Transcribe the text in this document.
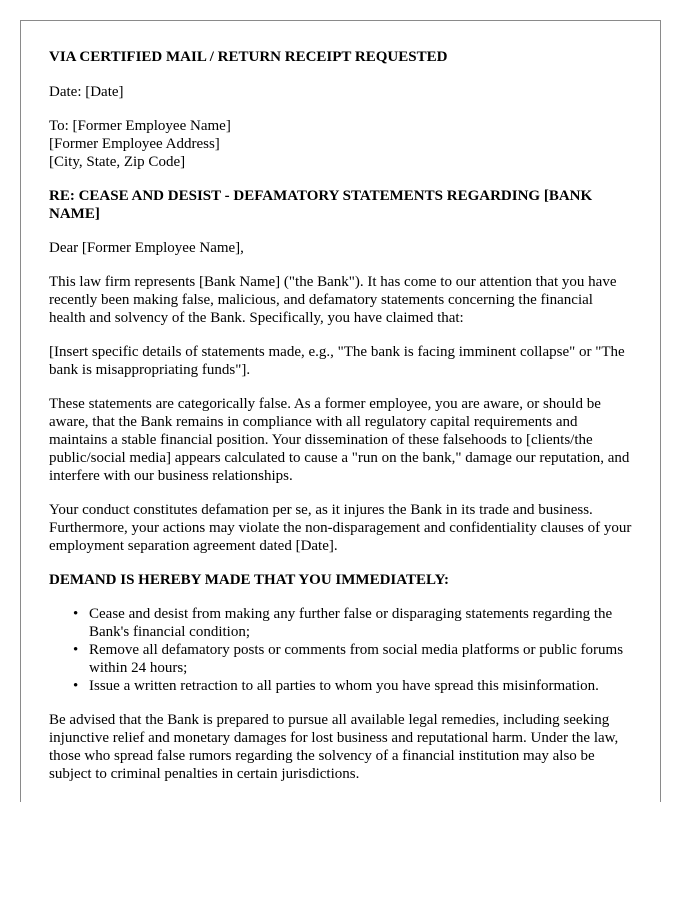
VIA CERTIFIED MAIL / RETURN RECEIPT REQUESTED
Date: [Date]
To: [Former Employee Name]
[Former Employee Address]
[City, State, Zip Code]
RE: CEASE AND DESIST - DEFAMATORY STATEMENTS REGARDING [BANK NAME]
Dear [Former Employee Name],
This law firm represents [Bank Name] ("the Bank"). It has come to our attention that you have recently been making false, malicious, and defamatory statements concerning the financial health and solvency of the Bank. Specifically, you have claimed that:
[Insert specific details of statements made, e.g., "The bank is facing imminent collapse" or "The bank is misappropriating funds"].
These statements are categorically false. As a former employee, you are aware, or should be aware, that the Bank remains in compliance with all regulatory capital requirements and maintains a stable financial position. Your dissemination of these falsehoods to [clients/the public/social media] appears calculated to cause a "run on the bank," damage our reputation, and interfere with our business relationships.
Your conduct constitutes defamation per se, as it injures the Bank in its trade and business. Furthermore, your actions may violate the non-disparagement and confidentiality clauses of your employment separation agreement dated [Date].
DEMAND IS HEREBY MADE THAT YOU IMMEDIATELY:
• Cease and desist from making any further false or disparaging statements regarding the Bank's financial condition;
• Remove all defamatory posts or comments from social media platforms or public forums within 24 hours;
• Issue a written retraction to all parties to whom you have spread this misinformation.
Be advised that the Bank is prepared to pursue all available legal remedies, including seeking injunctive relief and monetary damages for lost business and reputational harm. Under the law, those who spread false rumors regarding the solvency of a financial institution may also be subject to criminal penalties in certain jurisdictions.
